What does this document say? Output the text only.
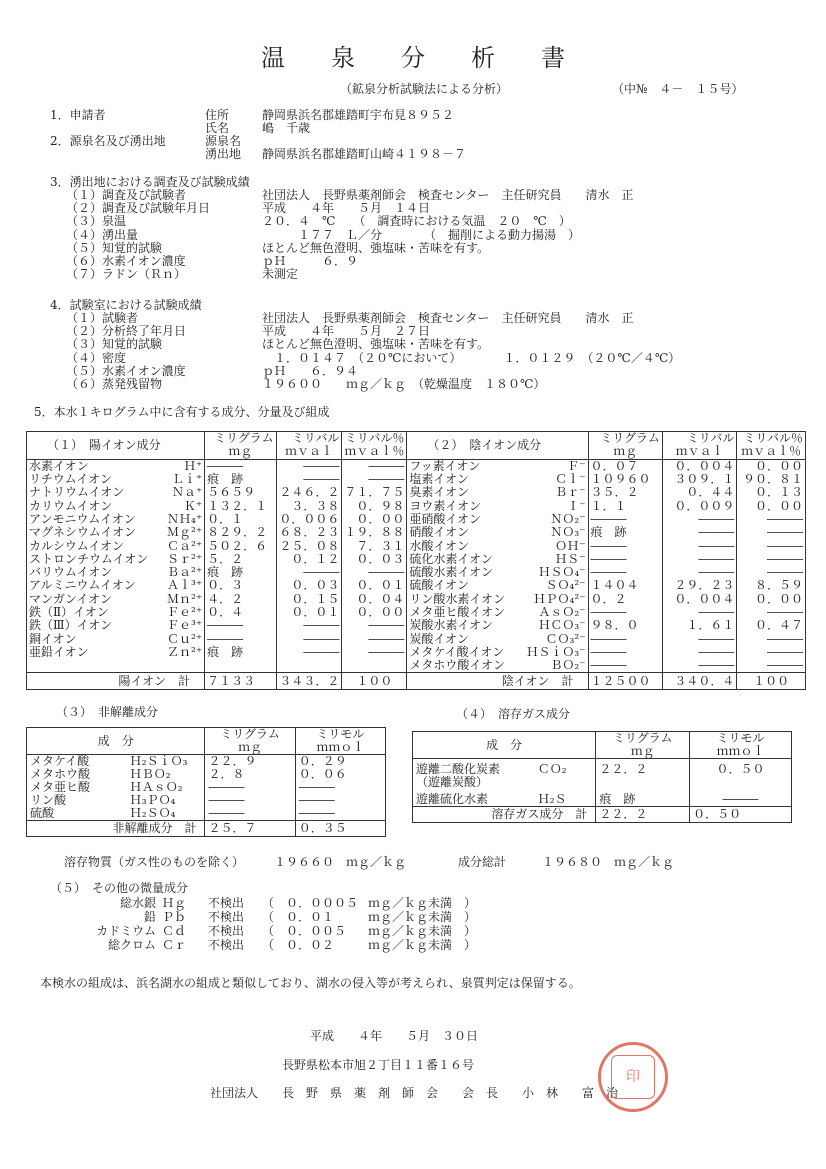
温泉分析書
（鉱泉分析試験法による分析）	（中№　４－　１５号）
1．申請者	住所	静岡県浜名郡雄踏町宇布見８９５２
氏名	嶋　千歳
2．源泉名及び湧出地	源泉名
湧出地 静岡県浜名郡雄踏町山崎４１９８－７
3．湧出地における調査及び試験成績
（１）調査及び試験者	社団法人　長野県薬剤師会　検査センター　主任研究員　　清水　正
（２）調査及び試験年月日	平成　　４年　　５月　１４日
（３）泉温	２０．４　℃　　（　調査時における気温　２０　℃　）
（４）湧出量	　　　１７７　Ｌ／分　　　　（　掘削による動力揚湯　）
（５）知覚的試験	ほとんど無色澄明、強塩味・苦味を有す。
（６）水素イオン濃度	ｐＨ　　　６．９
（７）ラドン（Ｒｎ）	未測定
4．試験室における試験成績
（１）試験者	社団法人　長野県薬剤師会　検査センター　主任研究員　　清水　正
（２）分析終了年月日	平成　　４年　　５月　２７日
（３）知覚的試験	ほとんど無色澄明、強塩味・苦味を有す。
（４）密度	　１．０１４７　（２０℃において）　　　　１．０１２９　（２０℃／４℃）
（５）水素イオン濃度	ｐＨ　　６．９４
（６）蒸発残留物	１９６００　　ｍｇ／ｋｇ　（乾燥温度　１８０℃）
5．本水１キログラム中に含有する成分、分量及び組成
（１）　陽イオン成分		ミリグラム	ミリバル	ミリバル％	（２）　陰イオン成分		ミリグラム	ミリバル	ミリバル％
		ｍｇ	ｍｖａｌ	ｍｖａｌ％			ｍｇ	ｍｖａｌ	ｍｖａｌ％
水素イオン	Ｈ⁺	―――	―――	―――	フッ素イオン	Ｆ⁻	０．０７	０．００４	０．００
リチウムイオン	Ｌｉ⁺	痕　跡	―――	―――	塩素イオン	Ｃｌ⁻	１０９６０	３０９．１	９０．８１
ナトリウムイオン	Ｎａ⁺	５６５９	２４６．２	７１．７５	臭素イオン	Ｂｒ⁻	３５．２	０．４４	０．１３
カリウムイオン	Ｋ⁺	１３２．１	３．３８	０．９８	ヨウ素イオン	Ｉ⁻	１．１	０．００９	０．００
アンモニウムイオン	ＮＨ₄⁺	０．１	０．００６	０．００	亜硝酸イオン	ＮＯ₂⁻	―――	―――	―――
マグネシウムイオン	Ｍｇ²⁺	８２９．２	６８．２３	１９．８８	硝酸イオン	ＮＯ₃⁻	痕　跡	―――	―――
カルシウムイオン	Ｃａ²⁺	５０２．６	２５．０８	７．３１	水酸イオン	ＯＨ⁻	―――	―――	―――
ストロンチウムイオン	Ｓｒ²⁺	５．２	０．１２	０．０３	硫化水素イオン	ＨＳ⁻	―――	―――	―――
バリウムイオン	Ｂａ²⁺	痕　跡	―――	―――	硫酸水素イオン	ＨＳＯ₄⁻	―――	―――	―――
アルミニウムイオン	Ａｌ³⁺	０．３	０．０３	０．０１	硫酸イオン	ＳＯ₄²⁻	１４０４	２９．２３	８．５９
マンガンイオン	Ｍｎ²⁺	４．２	０．１５	０．０４	リン酸水素イオン	ＨＰＯ₄²⁻	０．２	０．００４	０．００
鉄（Ⅱ）イオン	Ｆｅ²⁺	０．４	０．０１	０．００	メタ亜ヒ酸イオン	ＡｓＯ₂⁻	―――	―――	―――
鉄（Ⅲ）イオン	Ｆｅ³⁺	―――	―――	―――	炭酸水素イオン	ＨＣＯ₃⁻	９８．０	１．６１	０．４７
銅イオン	Ｃｕ²⁺	―――	―――	―――	炭酸イオン	ＣＯ₃²⁻	―――	―――	―――
亜鉛イオン	Ｚｎ²⁺	痕　跡	―――	―――	メタケイ酸イオン	ＨＳｉＯ₃⁻	―――	―――	―――
					メタホウ酸イオン	ＢＯ₂⁻	―――	―――	―――
陽イオン　計		７１３３	３４３．２	１００	陰イオン　計		１２５００	３４０．４	１００
（３）　非解離成分
成　分		ミリグラム	ミリモル
		ｍｇ	ｍｍｏｌ
メタケイ酸	Ｈ₂ＳｉＯ₃	２２．９	０．２９
メタホウ酸	ＨＢＯ₂	２．８	０．０６
メタ亜ヒ酸	ＨＡｓＯ₂	―――	―――
リン酸	Ｈ₃ＰＯ₄	―――	―――
硫酸	Ｈ₂ＳＯ₄	―――	―――
非解離成分　計		２５．７	０．３５
（４）　溶存ガス成分
成　分		ミリグラム	ミリモル
		ｍｇ	ｍｍｏｌ

遊離二酸化炭素
（遊離炭酸）	ＣＯ₂	２２．２	０．５０

遊離硫化水素	Ｈ₂Ｓ	痕　跡	―――
溶存ガス成分　計		２２．２	０．５０
溶存物質（ガス性のものを除く）　　　１９６６０　ｍｇ／ｋｇ	成分総計　　　１９６８０　ｍｇ／ｋｇ
（５）　その他の微量成分
総水銀 Ｈｇ 不検出 （　０．０００５ ｍｇ／ｋｇ未満　）
鉛 Ｐｂ 不検出 （　０．０１	ｍｇ／ｋｇ未満　）
カドミウム Ｃｄ 不検出 （　０．００５ ｍｇ／ｋｇ未満　）
総クロム Ｃｒ 不検出 （　０．０２	ｍｇ／ｋｇ未満　）
本検水の組成は、浜名湖水の組成と類似しており、湖水の侵入等が考えられ、泉質判定は保留する。
平成　　４年　　５月　３０日
長野県松本市旭２丁目１１番１６号
社団法人　　長　野　県　薬　剤　師　会　　会　長　　小　林　　富　治
印
